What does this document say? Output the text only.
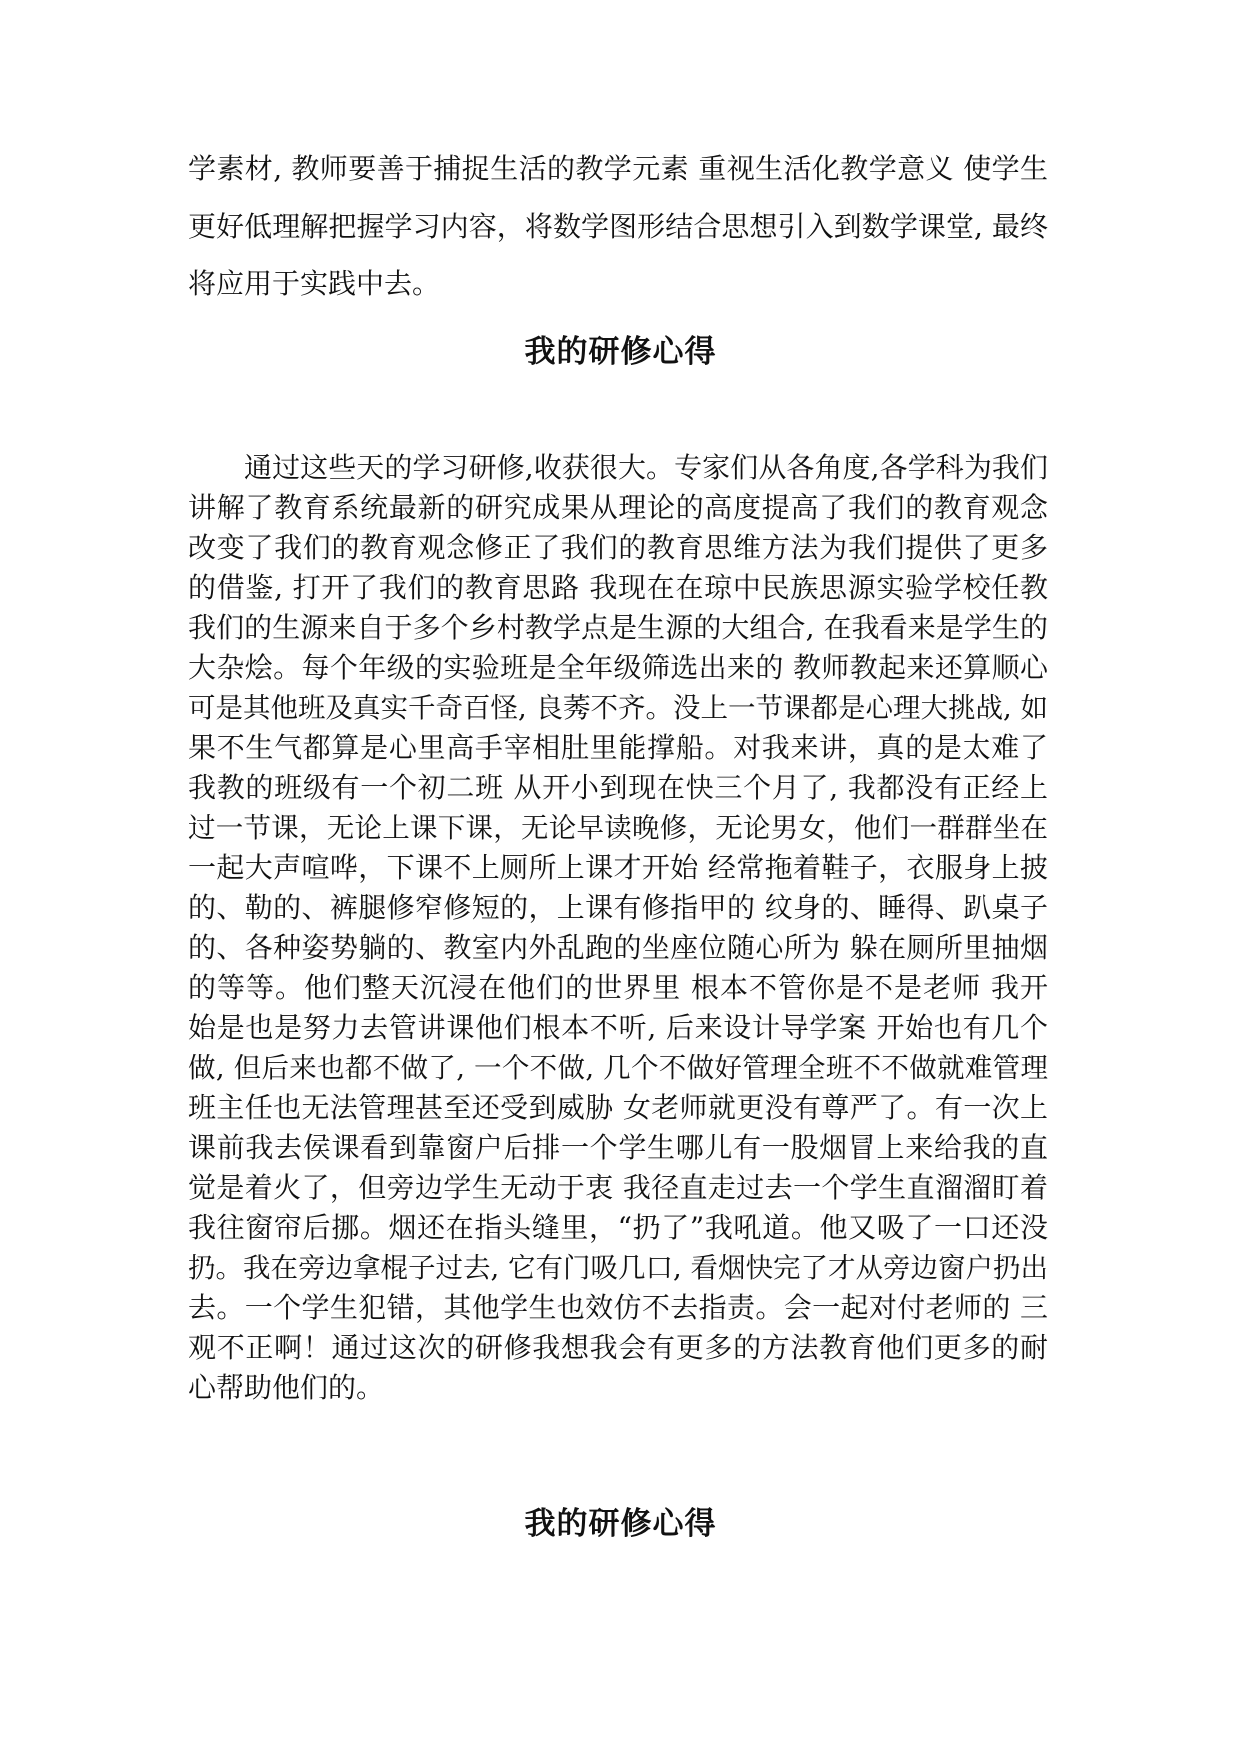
学素材, 教师要善于捕捉生活的教学元素 重视生活化教学意义 使学生
更好低理解把握学习内容，将数学图形结合思想引入到数学课堂, 最终
将应用于实践中去。
我的研修心得
通过这些天的学习研修,收获很大。专家们从各角度,各学科为我们
讲解了教育系统最新的研究成果从理论的高度提高了我们的教育观念
改变了我们的教育观念修正了我们的教育思维方法为我们提供了更多
的借鉴, 打开了我们的教育思路 我现在在琼中民族思源实验学校任教
我们的生源来自于多个乡村教学点是生源的大组合, 在我看来是学生的
大杂烩。每个年级的实验班是全年级筛选出来的 教师教起来还算顺心
可是其他班及真实千奇百怪, 良莠不齐。没上一节课都是心理大挑战, 如
果不生气都算是心里高手宰相肚里能撑船。对我来讲，真的是太难了
我教的班级有一个初二班 从开小到现在快三个月了, 我都没有正经上
过一节课，无论上课下课，无论早读晚修，无论男女，他们一群群坐在
一起大声喧哗，下课不上厕所上课才开始 经常拖着鞋子，衣服身上披
的、勒的、裤腿修窄修短的，上课有修指甲的 纹身的、睡得、趴桌子
的、各种姿势躺的、教室内外乱跑的坐座位随心所为 躲在厕所里抽烟
的等等。他们整天沉浸在他们的世界里 根本不管你是不是老师 我开
始是也是努力去管讲课他们根本不听, 后来设计导学案 开始也有几个
做, 但后来也都不做了, 一个不做, 几个不做好管理全班不不做就难管理
班主任也无法管理甚至还受到威胁 女老师就更没有尊严了。有一次上
课前我去侯课看到靠窗户后排一个学生哪儿有一股烟冒上来给我的直
觉是着火了，但旁边学生无动于衷 我径直走过去一个学生直溜溜盯着
我往窗帘后挪。烟还在指头缝里，“扔了”我吼道。他又吸了一口还没
扔。我在旁边拿棍子过去, 它有门吸几口, 看烟快完了才从旁边窗户扔出
去。一个学生犯错，其他学生也效仿不去指责。会一起对付老师的 三
观不正啊！通过这次的研修我想我会有更多的方法教育他们更多的耐
心帮助他们的。
我的研修心得
